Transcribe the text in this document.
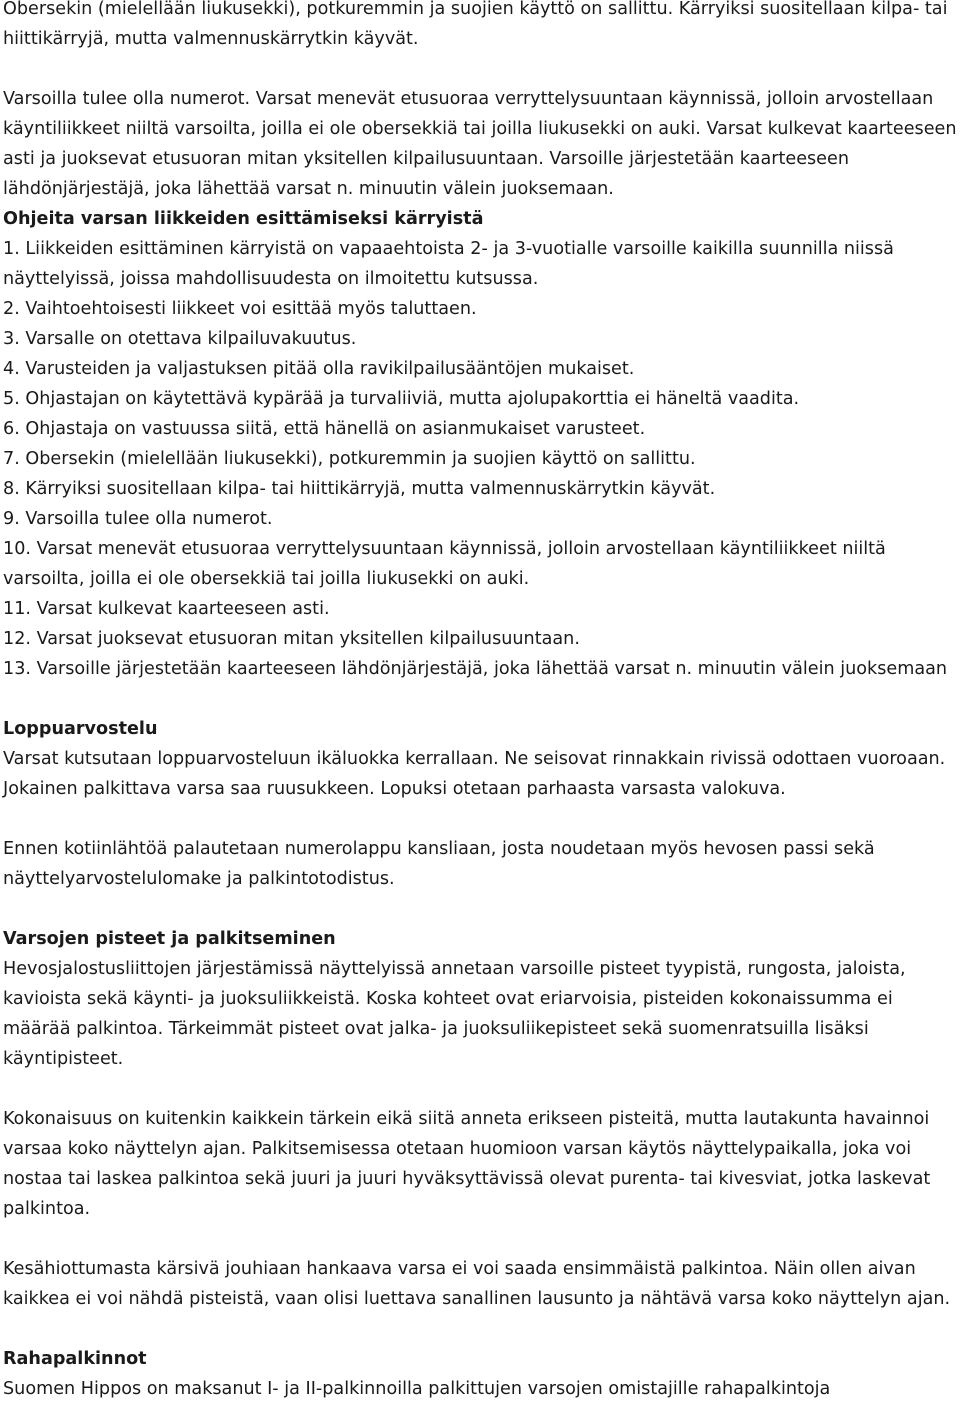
Obersekin (mielellään liukusekki), potkuremmin ja suojien käyttö on sallittu. Kärryiksi suositellaan kilpa- tai hiittikärryjä, mutta valmennuskärrytkin käyvät.

Varsoilla tulee olla numerot. Varsat menevät etusuoraa verryttelysuuntaan käynnissä, jolloin arvostellaan käyntiliikkeet niiltä varsoilta, joilla ei ole obersekkiä tai joilla liukusekki on auki. Varsat kulkevat kaarteeseen asti ja juoksevat etusuoran mitan yksitellen kilpailusuuntaan. Varsoille järjestetään kaarteeseen lähdönjärjestäjä, joka lähettää varsat n. minuutin välein juoksemaan.

Ohjeita varsan liikkeiden esittämiseksi kärryistä

1. Liikkeiden esittäminen kärryistä on vapaaehtoista 2- ja 3-vuotialle varsoille kaikilla suunnilla niissä näyttelyissä, joissa mahdollisuudesta on ilmoitettu kutsussa.

2. Vaihtoehtoisesti liikkeet voi esittää myös taluttaen.

3. Varsalle on otettava kilpailuvakuutus.

4. Varusteiden ja valjastuksen pitää olla ravikilpailusääntöjen mukaiset.

5. Ohjastajan on käytettävä kypärää ja turvaliiviä, mutta ajolupakorttia ei häneltä vaadita.

6. Ohjastaja on vastuussa siitä, että hänellä on asianmukaiset varusteet.

7. Obersekin (mielellään liukusekki), potkuremmin ja suojien käyttö on sallittu.

8. Kärryiksi suositellaan kilpa- tai hiittikärryjä, mutta valmennuskärrytkin käyvät.

9. Varsoilla tulee olla numerot.

10. Varsat menevät etusuoraa verryttelysuuntaan käynnissä, jolloin arvostellaan käyntiliikkeet niiltä varsoilta, joilla ei ole obersekkiä tai joilla liukusekki on auki.

11. Varsat kulkevat kaarteeseen asti.

12. Varsat juoksevat etusuoran mitan yksitellen kilpailusuuntaan.

13. Varsoille järjestetään kaarteeseen lähdönjärjestäjä, joka lähettää varsat n. minuutin välein juoksemaan

Loppuarvostelu

Varsat kutsutaan loppuarvosteluun ikäluokka kerrallaan. Ne seisovat rinnakkain rivissä odottaen vuoroaan. Jokainen palkittava varsa saa ruusukkeen. Lopuksi otetaan parhaasta varsasta valokuva.

Ennen kotiinlähtöä palautetaan numerolappu kansliaan, josta noudetaan myös hevosen passi sekä näyttelyarvostelulomake ja palkintotodistus.

Varsojen pisteet ja palkitseminen

Hevosjalostusliittojen järjestämissä näyttelyissä annetaan varsoille pisteet tyypistä, rungosta, jaloista, kavioista sekä käynti- ja juoksuliikkeistä. Koska kohteet ovat eriarvoisia, pisteiden kokonaissumma ei määrää palkintoa. Tärkeimmät pisteet ovat jalka- ja juoksuliikepisteet sekä suomenratsuilla lisäksi käyntipisteet.

Kokonaisuus on kuitenkin kaikkein tärkein eikä siitä anneta erikseen pisteitä, mutta lautakunta havainnoi varsaa koko näyttelyn ajan. Palkitsemisessa otetaan huomioon varsan käytös näyttelypaikalla, joka voi nostaa tai laskea palkintoa sekä juuri ja juuri hyväksyttävissä olevat purenta- tai kivesviat, jotka laskevat palkintoa.

Kesähiottumasta kärsivä jouhiaan hankaava varsa ei voi saada ensimmäistä palkintoa. Näin ollen aivan kaikkea ei voi nähdä pisteistä, vaan olisi luettava sanallinen lausunto ja nähtävä varsa koko näyttelyn ajan.

Rahapalkinnot

Suomen Hippos on maksanut I- ja II-palkinnoilla palkittujen varsojen omistajille rahapalkintoja
